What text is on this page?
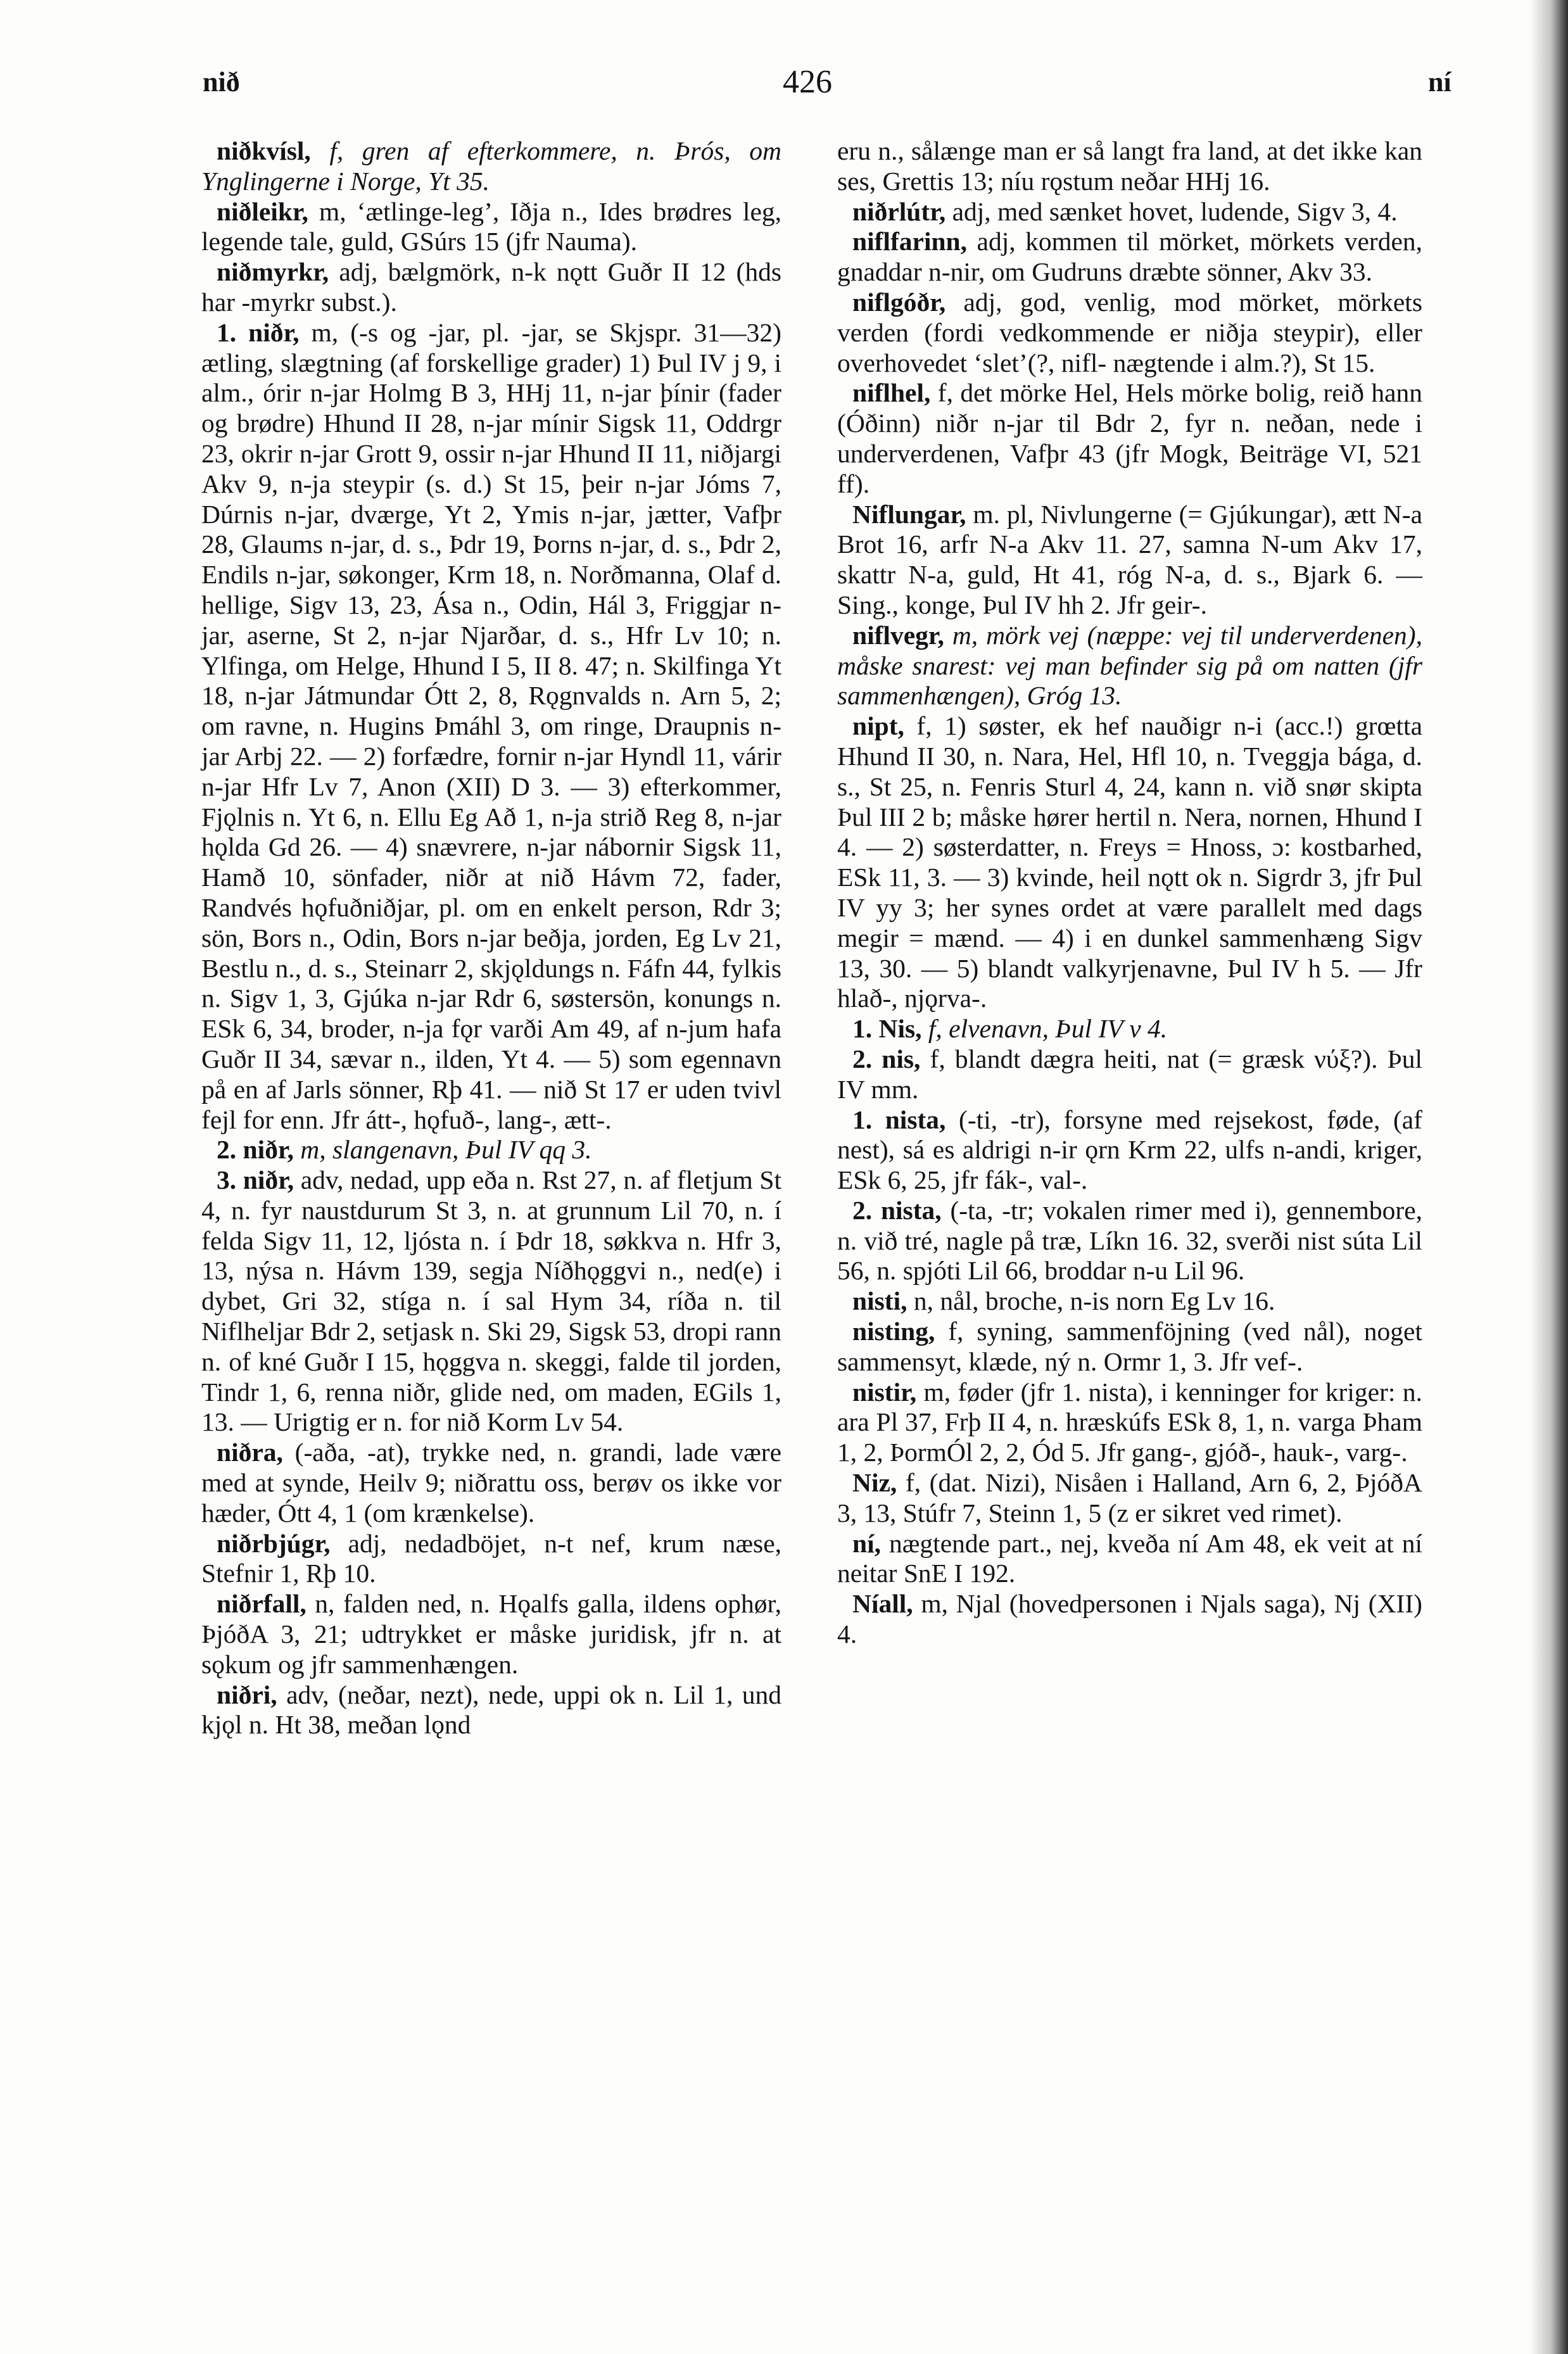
nið	426	ní

niðkvísl, f, gren af efterkommere, n. Þrós, om Ynglingerne i Norge, Yt 35.

niðleikr, m, ‘ætlinge-leg’, Iðja n., Ides brødres leg, legende tale, guld, GSúrs 15 (jfr Nauma).

niðmyrkr, adj, bælgmörk, n-k nǫtt Guðr II 12 (hds har -myrkr subst.).

1. niðr, m, (-s og -jar, pl. -jar, se Skjspr. 31—32) ætling, slægtning (af forskellige grader) 1) Þul IV j 9, i alm., órir n-jar Holmg B 3, HHj 11, n-jar þínir (fader og brødre) Hhund II 28, n-jar mínir Sigsk 11, Oddrgr 23, okrir n-jar Grott 9, ossir n-jar Hhund II 11, niðjargi Akv 9, n-ja steypir (s. d.) St 15, þeir n-jar Jóms 7, Dúrnis n-jar, dværge, Yt 2, Ymis n-jar, jætter, Vafþr 28, Glaums n-jar, d. s., Þdr 19, Þorns n-jar, d. s., Þdr 2, Endils n-jar, søkonger, Krm 18, n. Norðmanna, Olaf d. hellige, Sigv 13, 23, Ása n., Odin, Hál 3, Friggjar n-jar, aserne, St 2, n-jar Njarðar, d. s., Hfr Lv 10; n. Ylfinga, om Helge, Hhund I 5, II 8. 47; n. Skilfinga Yt 18, n-jar Játmundar Ótt 2, 8, Rǫgnvalds n. Arn 5, 2; om ravne, n. Hugins Þmáhl 3, om ringe, Draupnis n-jar Arbj 22. — 2) forfædre, fornir n-jar Hyndl 11, várir n-jar Hfr Lv 7, Anon (XII) D 3. — 3) efterkommer, Fjǫlnis n. Yt 6, n. Ellu Eg Að 1, n-ja strið Reg 8, n-jar hǫlda Gd 26. — 4) snævrere, n-jar nábornir Sigsk 11, Hamð 10, sönfader, niðr at nið Hávm 72, fader, Randvés hǫfuðniðjar, pl. om en enkelt person, Rdr 3; sön, Bors n., Odin, Bors n-jar beðja, jorden, Eg Lv 21, Bestlu n., d. s., Steinarr 2, skjǫldungs n. Fáfn 44, fylkis n. Sigv 1, 3, Gjúka n-jar Rdr 6, søstersön, konungs n. ESk 6, 34, broder, n-ja fǫr varði Am 49, af n-jum hafa Guðr II 34, sævar n., ilden, Yt 4. — 5) som egennavn på en af Jarls sönner, Rþ 41. — nið St 17 er uden tvivl fejl for enn. Jfr átt-, hǫfuð-, lang-, ætt-.

2. niðr, m, slangenavn, Þul IV qq 3.

3. niðr, adv, nedad, upp eða n. Rst 27, n. af fletjum St 4, n. fyr naustdurum St 3, n. at grunnum Lil 70, n. í felda Sigv 11, 12, ljósta n. í Þdr 18, søkkva n. Hfr 3, 13, nýsa n. Hávm 139, segja Níðhǫggvi n., ned(e) i dybet, Gri 32, stíga n. í sal Hym 34, ríða n. til Niflheljar Bdr 2, setjask n. Ski 29, Sigsk 53, dropi rann n. of kné Guðr I 15, hǫggva n. skeggi, falde til jorden, Tindr 1, 6, renna niðr, glide ned, om maden, EGils 1, 13. — Urigtig er n. for nið Korm Lv 54.

niðra, (-aða, -at), trykke ned, n. grandi, lade være med at synde, Heilv 9; niðrattu oss, berøv os ikke vor hæder, Ótt 4, 1 (om krænkelse).

niðrbjúgr, adj, nedadböjet, n-t nef, krum næse, Stefnir 1, Rþ 10.

niðrfall, n, falden ned, n. Hǫalfs galla, ildens ophør, ÞjóðA 3, 21; udtrykket er måske juridisk, jfr n. at sǫkum og jfr sammenhængen.

niðri, adv, (neðar, nezt), nede, uppi ok n. Lil 1, und kjǫl n. Ht 38, meðan lǫnd

eru n., sålænge man er så langt fra land, at det ikke kan ses, Grettis 13; níu rǫstum neðar HHj 16.

niðrlútr, adj, med sænket hovet, ludende, Sigv 3, 4.

niflfarinn, adj, kommen til mörket, mörkets verden, gnaddar n-nir, om Gudruns dræbte sönner, Akv 33.

niflgóðr, adj, god, venlig, mod mörket, mörkets verden (fordi vedkommende er niðja steypir), eller overhovedet ‘slet’(?, nifl- nægtende i alm.?), St 15.

niflhel, f, det mörke Hel, Hels mörke bolig, reið hann (Óðinn) niðr n-jar til Bdr 2, fyr n. neðan, nede i underverdenen, Vafþr 43 (jfr Mogk, Beiträge VI, 521 ff).

Niflungar, m. pl, Nivlungerne (= Gjúkungar), ætt N-a Brot 16, arfr N-a Akv 11. 27, samna N-um Akv 17, skattr N-a, guld, Ht 41, róg N-a, d. s., Bjark 6. — Sing., konge, Þul IV hh 2. Jfr geir-.

niflvegr, m, mörk vej (næppe: vej til underverdenen), måske snarest: vej man befinder sig på om natten (jfr sammenhængen), Gróg 13.

nipt, f, 1) søster, ek hef nauðigr n-i (acc.!) grœtta Hhund II 30, n. Nara, Hel, Hfl 10, n. Tveggja bága, d. s., St 25, n. Fenris Sturl 4, 24, kann n. við snør skipta Þul III 2 b; måske hører hertil n. Nera, nornen, Hhund I 4. — 2) søsterdatter, n. Freys = Hnoss, ɔ: kostbarhed, ESk 11, 3. — 3) kvinde, heil nǫtt ok n. Sigrdr 3, jfr Þul IV yy 3; her synes ordet at være parallelt med dags megir = mænd. — 4) i en dunkel sammenhæng Sigv 13, 30. — 5) blandt valkyrjenavne, Þul IV h 5. — Jfr hlað-, njǫrva-.

1. Nis, f, elvenavn, Þul IV v 4.

2. nis, f, blandt dægra heiti, nat (= græsk νύξ?). Þul IV mm.

1. nista, (-ti, -tr), forsyne med rejsekost, føde, (af nest), sá es aldrigi n-ir ǫrn Krm 22, ulfs n-andi, kriger, ESk 6, 25, jfr fák-, val-.

2. nista, (-ta, -tr; vokalen rimer med i), gennembore, n. við tré, nagle på træ, Líkn 16. 32, sverði nist súta Lil 56, n. spjóti Lil 66, broddar n-u Lil 96.

nisti, n, nål, broche, n-is norn Eg Lv 16.

nisting, f, syning, sammenföjning (ved nål), noget sammensyt, klæde, ný n. Ormr 1, 3. Jfr vef-.

nistir, m, føder (jfr 1. nista), i kenninger for kriger: n. ara Pl 37, Frþ II 4, n. hræskúfs ESk 8, 1, n. varga Þham 1, 2, ÞormÓl 2, 2, Ód 5. Jfr gang-, gjóð-, hauk-, varg-.

Niz, f, (dat. Nizi), Nisåen i Halland, Arn 6, 2, ÞjóðA 3, 13, Stúfr 7, Steinn 1, 5 (z er sikret ved rimet).

ní, nægtende part., nej, kveða ní Am 48, ek veit at ní neitar SnE I 192.

Níall, m, Njal (hovedpersonen i Njals saga), Nj (XII) 4.
